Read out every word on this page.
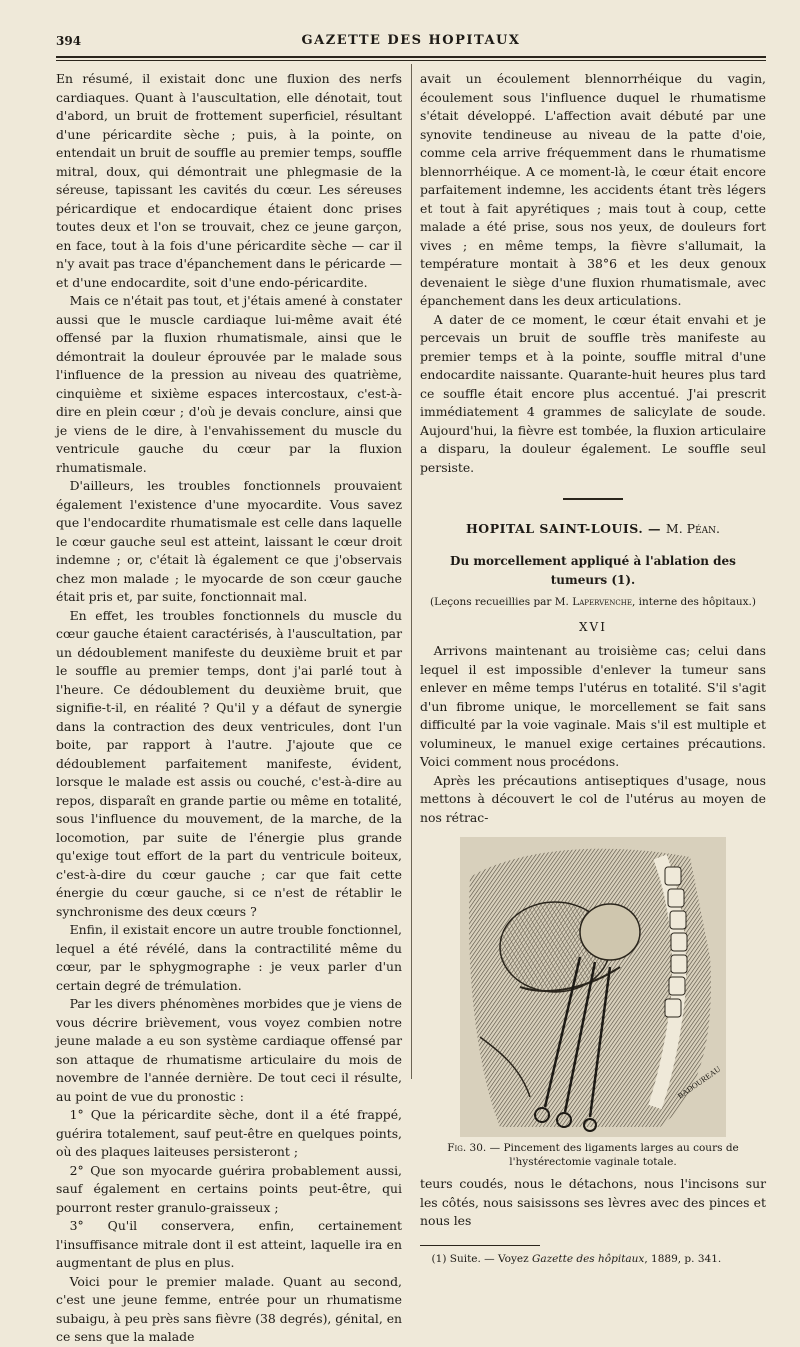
394	GAZETTE DES HOPITAUX

En résumé, il existait donc une fluxion des nerfs cardiaques. Quant à l'auscultation, elle dénotait, tout d'abord, un bruit de frottement superficiel, résultant d'une péricardite sèche ; puis, à la pointe, on entendait un bruit de souffle au premier temps, souffle mitral, doux, qui démontrait une phlegmasie de la séreuse, tapissant les cavités du cœur. Les séreuses péricardique et endocardique étaient donc prises toutes deux et l'on se trouvait, chez ce jeune garçon, en face, tout à la fois d'une péricardite sèche — car il n'y avait pas trace d'épanchement dans le péricarde — et d'une endocardite, soit d'une endo-péricardite.

Mais ce n'était pas tout, et j'étais amené à constater aussi que le muscle cardiaque lui-même avait été offensé par la fluxion rhumatismale, ainsi que le démontrait la douleur éprouvée par le malade sous l'influence de la pression au niveau des quatrième, cinquième et sixième espaces intercostaux, c'est-à-dire en plein cœur ; d'où je devais conclure, ainsi que je viens de le dire, à l'envahissement du muscle du ventricule gauche du cœur par la fluxion rhumatismale.

D'ailleurs, les troubles fonctionnels prouvaient également l'existence d'une myocardite. Vous savez que l'endocardite rhumatismale est celle dans laquelle le cœur gauche seul est atteint, laissant le cœur droit indemne ; or, c'était là également ce que j'observais chez mon malade ; le myocarde de son cœur gauche était pris et, par suite, fonctionnait mal.

En effet, les troubles fonctionnels du muscle du cœur gauche étaient caractérisés, à l'auscultation, par un dédoublement manifeste du deuxième bruit et par le souffle au premier temps, dont j'ai parlé tout à l'heure. Ce dédoublement du deuxième bruit, que signifie-t-il, en réalité ? Qu'il y a défaut de synergie dans la contraction des deux ventricules, dont l'un boite, par rapport à l'autre. J'ajoute que ce dédoublement parfaitement manifeste, évident, lorsque le malade est assis ou couché, c'est-à-dire au repos, disparaît en grande partie ou même en totalité, sous l'influence du mouvement, de la marche, de la locomotion, par suite de l'énergie plus grande qu'exige tout effort de la part du ventricule boiteux, c'est-à-dire du cœur gauche ; car que fait cette énergie du cœur gauche, si ce n'est de rétablir le synchronisme des deux cœurs ?

Enfin, il existait encore un autre trouble fonctionnel, lequel a été révélé, dans la contractilité même du cœur, par le sphygmographe : je veux parler d'un certain degré de trémulation.

Par les divers phénomènes morbides que je viens de vous décrire brièvement, vous voyez combien notre jeune malade a eu son système cardiaque offensé par son attaque de rhumatisme articulaire du mois de novembre de l'année dernière. De tout ceci il résulte, au point de vue du pronostic :

1° Que la péricardite sèche, dont il a été frappé, guérira totalement, sauf peut-être en quelques points, où des plaques laiteuses persisteront ;

2° Que son myocarde guérira probablement aussi, sauf également en certains points peut-être, qui pourront rester granulo-graisseux ;

3° Qu'il conservera, enfin, certainement l'insuffisance mitrale dont il est atteint, laquelle ira en augmentant de plus en plus.

Voici pour le premier malade. Quant au second, c'est une jeune femme, entrée pour un rhumatisme subaigu, à peu près sans fièvre (38 degrés), génital, en ce sens que la malade

avait un écoulement blennorrhéique du vagin, écoulement sous l'influence duquel le rhumatisme s'était développé. L'affection avait débuté par une synovite tendineuse au niveau de la patte d'oie, comme cela arrive fréquemment dans le rhumatisme blennorrhéique. A ce moment-là, le cœur était encore parfaitement indemne, les accidents étant très légers et tout à fait apyrétiques ; mais tout à coup, cette malade a été prise, sous nos yeux, de douleurs fort vives ; en même temps, la fièvre s'allumait, la température montait à 38°6 et les deux genoux devenaient le siège d'une fluxion rhumatismale, avec épanchement dans les deux articulations.

A dater de ce moment, le cœur était envahi et je percevais un bruit de souffle très manifeste au premier temps et à la pointe, souffle mitral d'une endocardite naissante. Quarante-huit heures plus tard ce souffle était encore plus accentué. J'ai prescrit immédiatement 4 grammes de salicylate de soude. Aujourd'hui, la fièvre est tombée, la fluxion articulaire a disparu, la douleur également. Le souffle seul persiste.

HOPITAL SAINT-LOUIS. — M. Péan.
Du morcellement appliqué à l'ablation des tumeurs (1).
(Leçons recueillies par M. Lapervenche, interne des hôpitaux.)
XVI

Arrivons maintenant au troisième cas; celui dans lequel il est impossible d'enlever la tumeur sans enlever en même temps l'utérus en totalité. S'il s'agit d'un fibrome unique, le morcellement se fait sans difficulté par la voie vaginale. Mais s'il est multiple et volumineux, le manuel exige certaines précautions. Voici comment nous procédons.

Après les précautions antiseptiques d'usage, nous mettons à découvert le col de l'utérus au moyen de nos rétrac-

BADOUREAU
Fig. 30. — Pincement des ligaments larges au cours de l'hystérectomie vaginale totale.

teurs coudés, nous le détachons, nous l'incisons sur les côtés, nous saisissons ses lèvres avec des pinces et nous les

(1) Suite. — Voyez Gazette des hôpitaux, 1889, p. 341.
